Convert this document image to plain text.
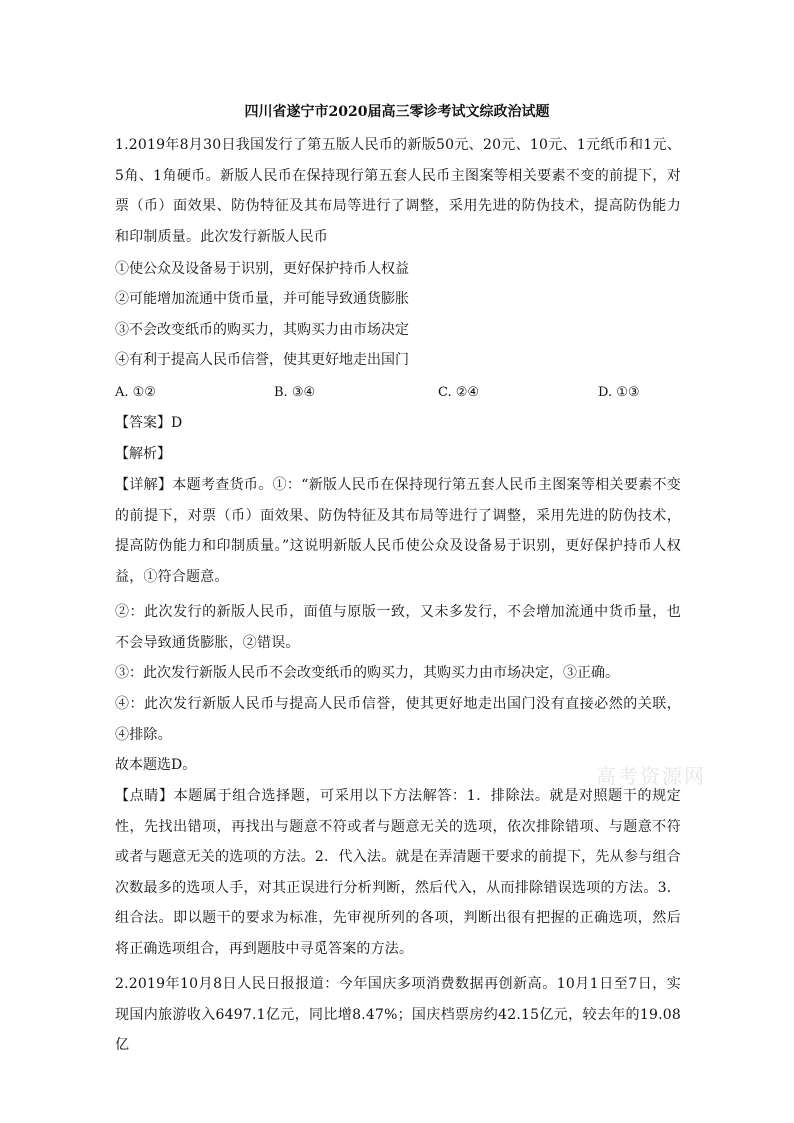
四川省遂宁市2020届高三零诊考试文综政治试题

1.2019年8月30日我国发行了第五版人民币的新版50元、20元、10元、1元纸币和1元、5角、1角硬币。新版人民币在保持现行第五套人民币主图案等相关要素不变的前提下，对票（币）面效果、防伪特征及其布局等进行了调整，采用先进的防伪技术，提高防伪能力和印制质量。此次发行新版人民币

①使公众及设备易于识别，更好保护持币人权益

②可能增加流通中货币量，并可能导致通货膨胀

③不会改变纸币的购买力，其购买力由市场决定

④有利于提高人民币信誉，使其更好地走出国门

A. ①②	B. ③④	C. ②④	D. ①③

【答案】D

【解析】

【详解】本题考查货币。①：“新版人民币在保持现行第五套人民币主图案等相关要素不变的前提下，对票（币）面效果、防伪特征及其布局等进行了调整，采用先进的防伪技术，提高防伪能力和印制质量。”这说明新版人民币使公众及设备易于识别，更好保护持币人权益，①符合题意。

②：此次发行的新版人民币，面值与原版一致，又未多发行，不会增加流通中货币量，也不会导致通货膨胀，②错误。

③：此次发行新版人民币不会改变纸币的购买力，其购买力由市场决定，③正确。

④：此次发行新版人民币与提高人民币信誉，使其更好地走出国门没有直接必然的关联，④排除。

故本题选D。

【点睛】本题属于组合选择题，可采用以下方法解答：1．排除法。就是对照题干的规定性，先找出错项，再找出与题意不符或者与题意无关的选项，依次排除错项、与题意不符或者与题意无关的选项的方法。2．代入法。就是在弄清题干要求的前提下，先从参与组合次数最多的选项人手，对其正误进行分析判断，然后代入，从而排除错误选项的方法。3．组合法。即以题干的要求为标准，先审视所列的各项，判断出很有把握的正确选项，然后将正确选项组合，再到题肢中寻觅答案的方法。

2.2019年10月8日人民日报报道：今年国庆多项消费数据再创新高。10月1日至7日，实现国内旅游收入6497.1亿元，同比增8.47%；国庆档票房约42.15亿元，较去年的19.08亿

高考资源网
